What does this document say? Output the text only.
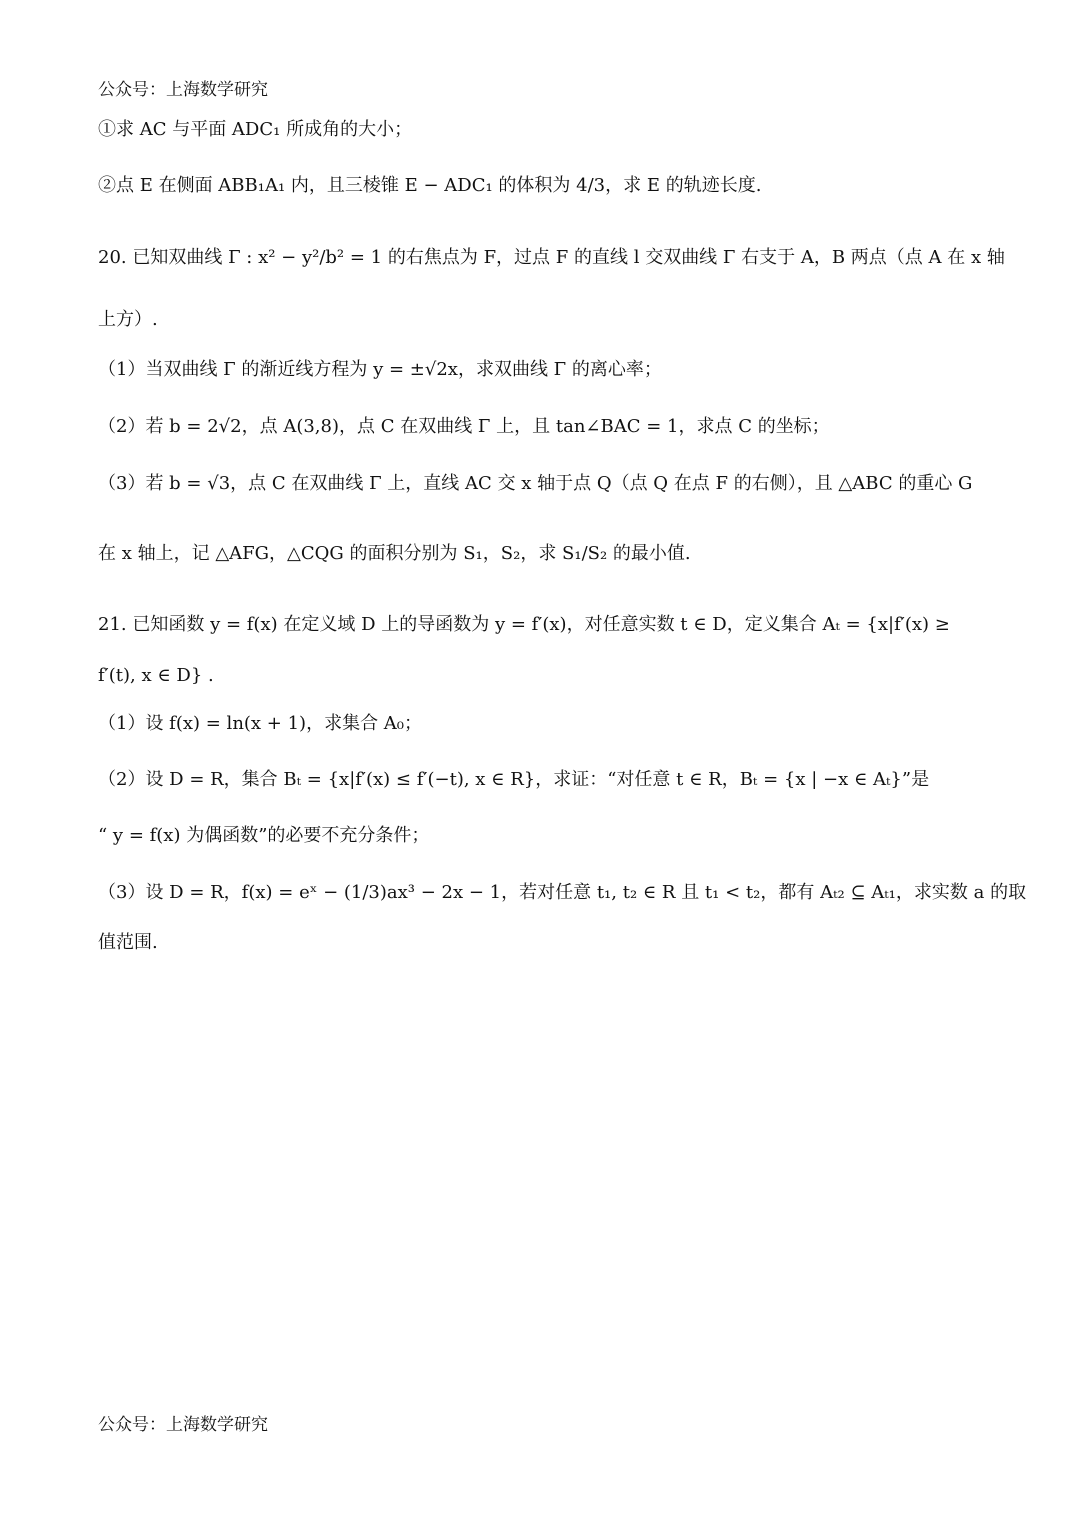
公众号：上海数学研究
①求 AC 与平面 ADC₁ 所成角的大小；
②点 E 在侧面 ABB₁A₁ 内，且三棱锥 E − ADC₁ 的体积为 4/3，求 E 的轨迹长度.
20. 已知双曲线 Γ : x² − y²/b² = 1 的右焦点为 F，过点 F 的直线 l 交双曲线 Γ 右支于 A，B 两点（点 A 在 x 轴
上方）.
（1）当双曲线 Γ 的渐近线方程为 y = ±√2x，求双曲线 Γ 的离心率；
（2）若 b = 2√2，点 A(3,8)，点 C 在双曲线 Γ 上，且 tan∠BAC = 1，求点 C 的坐标；
（3）若 b = √3，点 C 在双曲线 Γ 上，直线 AC 交 x 轴于点 Q（点 Q 在点 F 的右侧），且 △ABC 的重心 G
在 x 轴上，记 △AFG，△CQG 的面积分别为 S₁，S₂，求 S₁/S₂ 的最小值.
21. 已知函数 y = f(x) 在定义域 D 上的导函数为 y = f′(x)，对任意实数 t ∈ D，定义集合 Aₜ = {x|f′(x) ≥
f′(t), x ∈ D} .
（1）设 f(x) = ln(x + 1)，求集合 A₀；
（2）设 D = R，集合 Bₜ = {x|f′(x) ≤ f′(−t), x ∈ R}，求证：“对任意 t ∈ R，Bₜ = {x | −x ∈ Aₜ}”是
“ y = f(x) 为偶函数”的必要不充分条件；
（3）设 D = R，f(x) = eˣ − (1/3)ax³ − 2x − 1，若对任意 t₁, t₂ ∈ R 且 t₁ < t₂，都有 Aₜ₂ ⊆ Aₜ₁，求实数 a 的取
值范围.
公众号：上海数学研究
